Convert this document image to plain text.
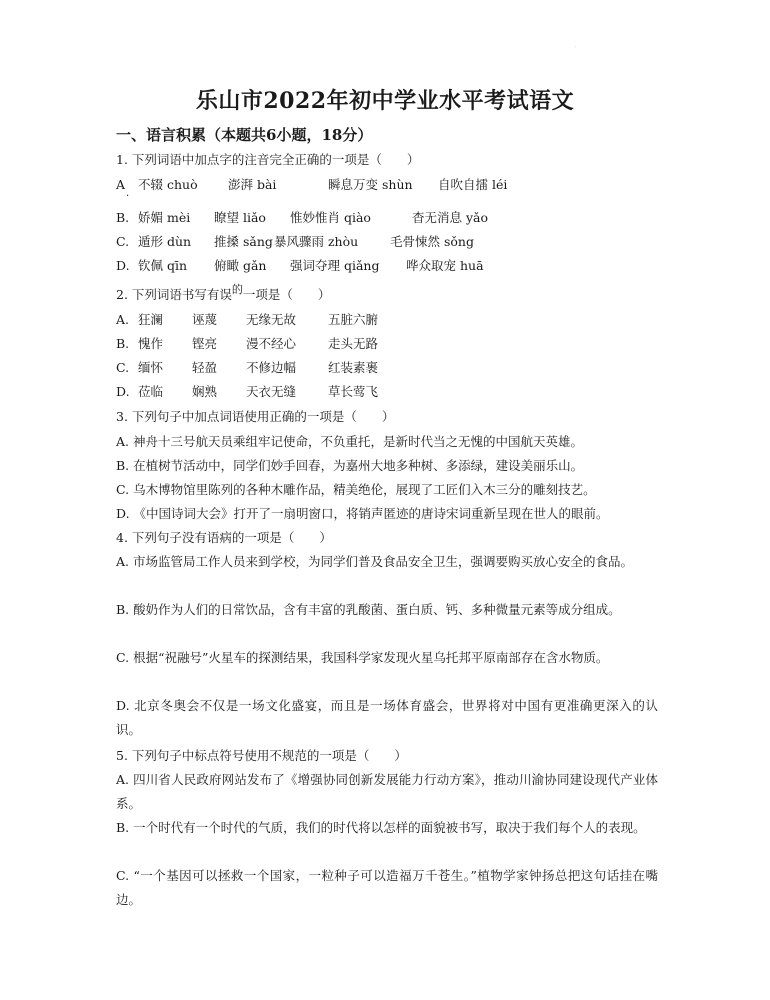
·
乐山市2022年初中学业水平考试语文
一、语言积累（本题共6小题，18分）
1. 下列词语中加点字的注音完全正确的一项是（　　）
A 不辍 chuò 澎湃 bài	瞬息万变 shùn 自吹自擂 léi
·
B. 娇媚 mèi 瞭望 liǎo 惟妙惟肖 qiào	杳无消息 yǎo
C. 遁形 dùn 推搡 sǎng暴风骤雨 zhòu	毛骨悚然 sǒng
D. 钦佩 qīn 俯瞰 gǎn 强词夺理 qiǎng 哗众取宠 huā
2. 下列词语书写有误的一项是（　　）
A. 狂澜 诬蔑 无缘无故	五脏六腑
B. 愧作 铿亮 漫不经心	走头无路
C. 缅怀 轻盈 不修边幅	红装素裹
D. 莅临 娴熟 天衣无缝	草长莺飞
3. 下列句子中加点词语使用正确的一项是（　　）
A. 神舟十三号航天员乘组牢记使命，不负重托，是新时代当之无愧的中国航天英雄。
B. 在植树节活动中，同学们妙手回春，为嘉州大地多种树、多添绿，建设美丽乐山。
C. 乌木博物馆里陈列的各种木雕作品，精美绝伦，展现了工匠们入木三分的雕刻技艺。
D. 《中国诗词大会》打开了一扇明窗口，将销声匿迹的唐诗宋词重新呈现在世人的眼前。
4. 下列句子没有语病的一项是（　　）
A. 市场监管局工作人员来到学校，为同学们普及食品安全卫生，强调要购买放心安全的食品。
B. 酸奶作为人们的日常饮品，含有丰富的乳酸菌、蛋白质、钙、多种微量元素等成分组成。
C. 根据“祝融号”火星车的探测结果，我国科学家发现火星乌托邦平原南部存在含水物质。
D. 北京冬奥会不仅是一场文化盛宴，而且是一场体育盛会，世界将对中国有更准确更深入的认识。
5. 下列句子中标点符号使用不规范的一项是（　　）
A. 四川省人民政府网站发布了《增强协同创新发展能力行动方案》，推动川渝协同建设现代产业体系。
B. 一个时代有一个时代的气质，我们的时代将以怎样的面貌被书写，取决于我们每个人的表现。
C. “一个基因可以拯救一个国家，一粒种子可以造福万千苍生。”植物学家钟扬总把这句话挂在嘴边。
